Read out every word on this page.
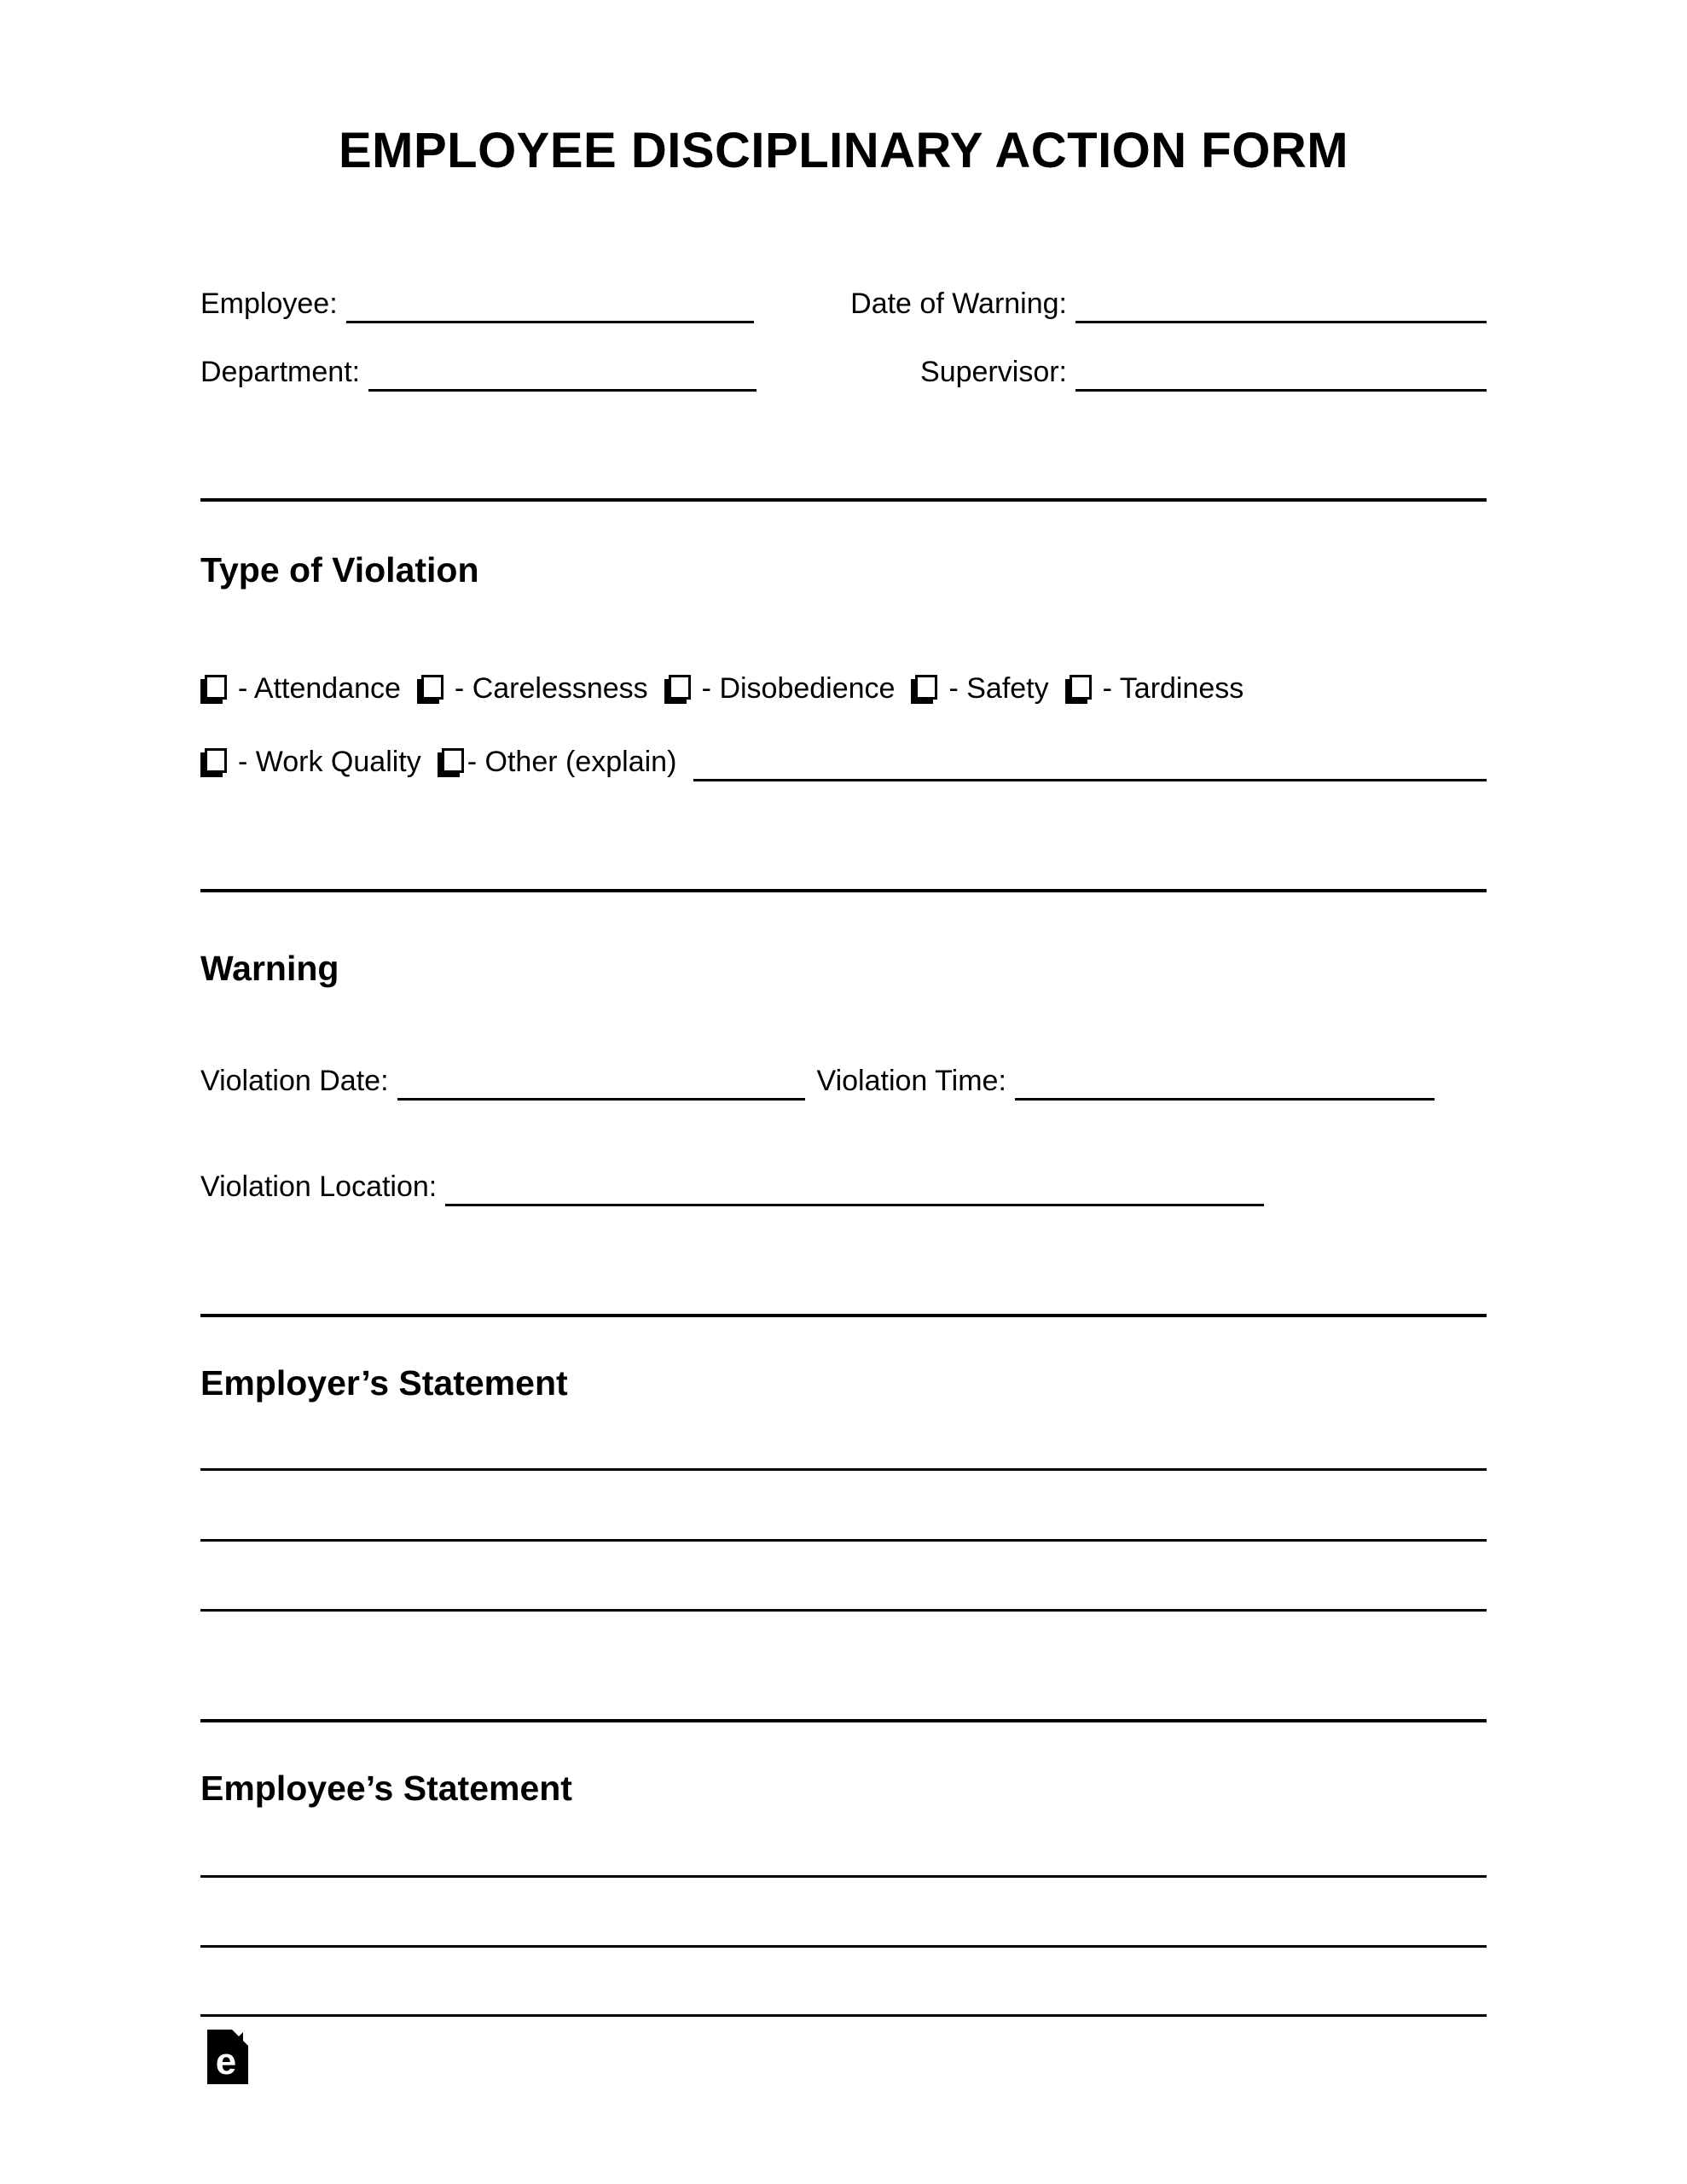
EMPLOYEE DISCIPLINARY ACTION FORM
Employee:	Date of Warning:
Department:	Supervisor:
Type of Violation
- Attendance - Carelessness - Disobedience - Safety - Tardiness
- Work Quality - Other (explain)
Warning
Violation Date:	Violation Time:
Violation Location:
Employer’s Statement
Employee’s Statement
e
